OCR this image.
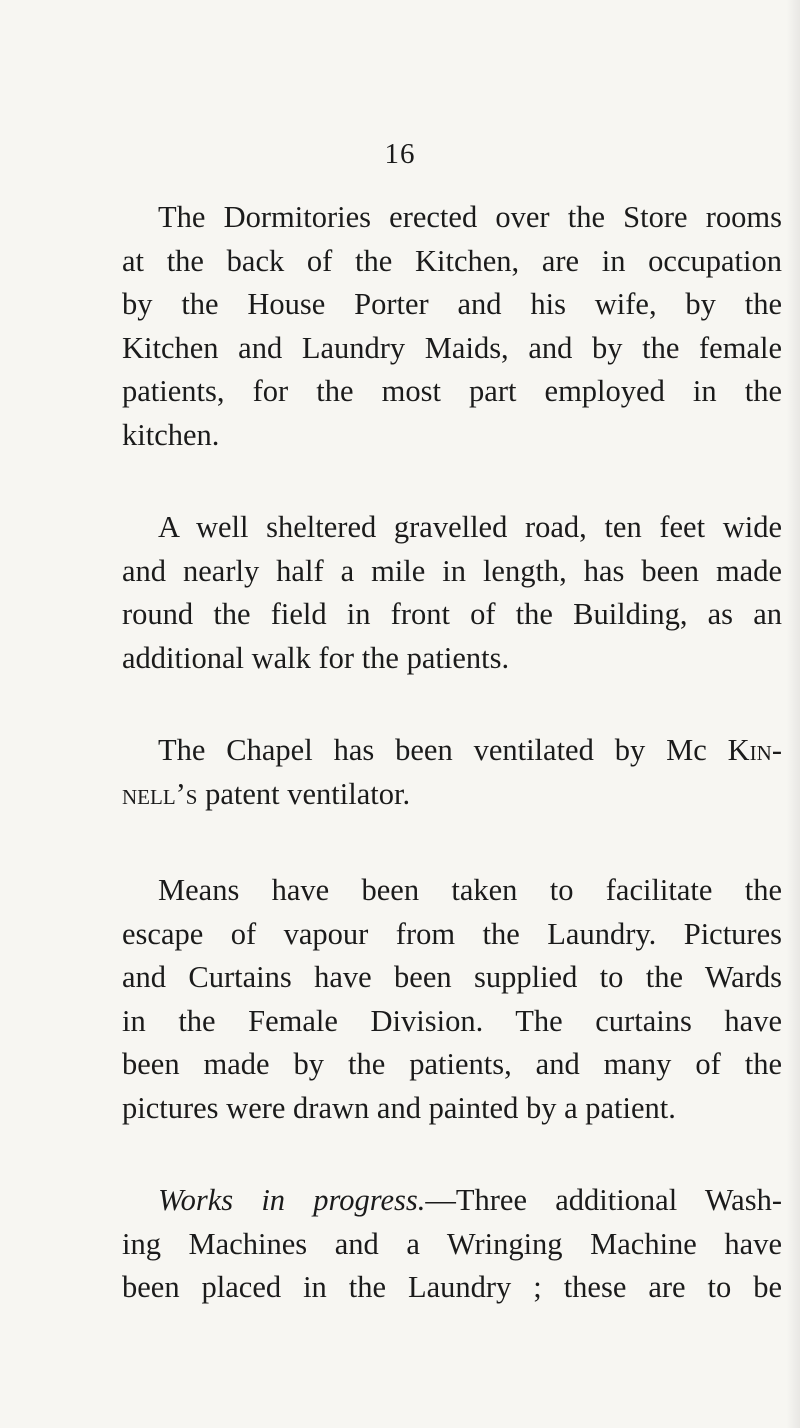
16
The Dormitories erected over the Store rooms
at the back of the Kitchen, are in occupation
by the House Porter and his wife, by the
Kitchen and Laundry Maids, and by the female
patients, for the most part employed in the
kitchen.
A well sheltered gravelled road, ten feet wide
and nearly half a mile in length, has been made
round the field in front of the Building, as an
additional walk for the patients.
The Chapel has been ventilated by Mc Kin-
nell’s patent ventilator.
Means have been taken to facilitate the
escape of vapour from the Laundry. Pictures
and Curtains have been supplied to the Wards
in the Female Division. The curtains have
been made by the patients, and many of the
pictures were drawn and painted by a patient.
Works in progress.—Three additional Wash-
ing Machines and a Wringing Machine have
been placed in the Laundry ; these are to be
